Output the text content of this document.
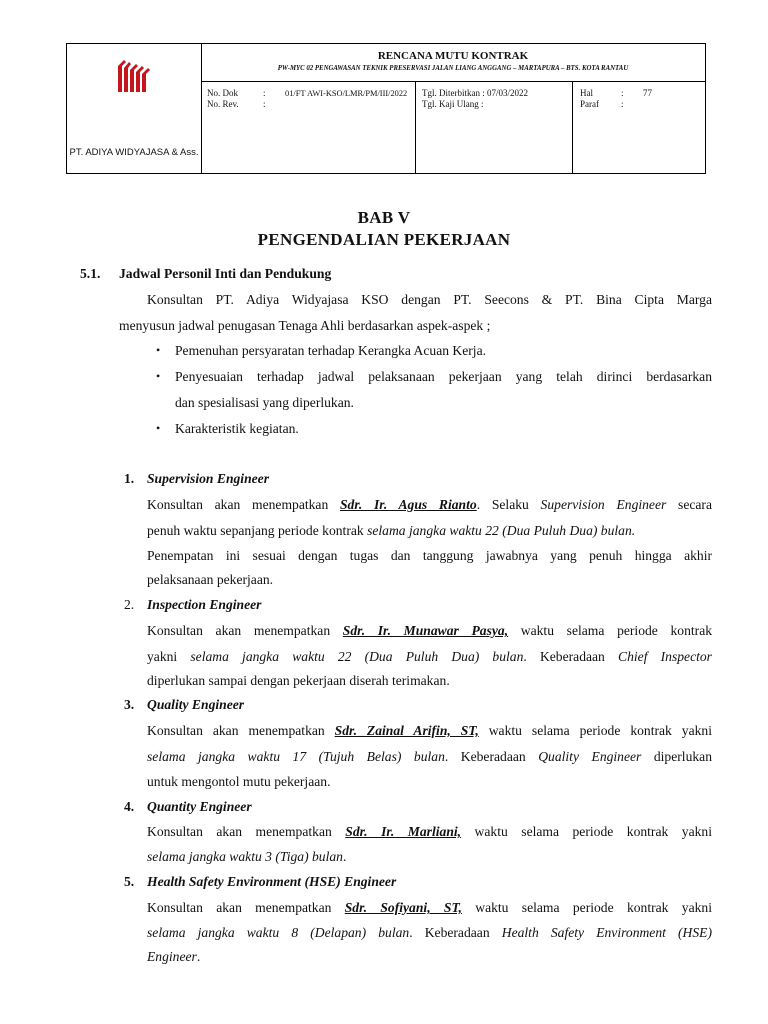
PT. ADIYA WIDYAJASA & Ass.
RENCANA MUTU KONTRAK
PW-MYC 02 PENGAWASAN TEKNIK PRESERVASI JALAN LIANG ANGGANG – MARTAPURA – BTS. KOTA RANTAU
No. Dok	: 01/FT AWI-KSO/LMR/PM/III/2022
No. Rev.	:
Tgl. Diterbitkan : 07/03/2022
Tgl. Kaji Ulang :
Hal	: 77
Paraf :
BAB V
PENGENDALIAN PEKERJAAN
5.1. Jadwal Personil Inti dan Pendukung
Konsultan PT. Adiya Widyajasa KSO dengan PT. Seecons & PT. Bina Cipta Marga
menyusun jadwal penugasan Tenaga Ahli berdasarkan aspek-aspek ;
• Pemenuhan persyaratan terhadap Kerangka Acuan Kerja.
• Penyesuaian terhadap jadwal pelaksanaan pekerjaan yang telah dirinci berdasarkan
dan spesialisasi yang diperlukan.
• Karakteristik kegiatan.
1. Supervision Engineer
Konsultan akan menempatkan Sdr. Ir. Agus Rianto. Selaku Supervision Engineer secara
penuh waktu sepanjang periode kontrak selama jangka waktu 22 (Dua Puluh Dua) bulan.
Penempatan ini sesuai dengan tugas dan tanggung jawabnya yang penuh hingga akhir
pelaksanaan pekerjaan.
2. Inspection Engineer
Konsultan akan menempatkan Sdr. Ir. Munawar Pasya, waktu selama periode kontrak
yakni selama jangka waktu 22 (Dua Puluh Dua) bulan. Keberadaan Chief Inspector
diperlukan sampai dengan pekerjaan diserah terimakan.
3. Quality Engineer
Konsultan akan menempatkan Sdr. Zainal Arifin, ST, waktu selama periode kontrak yakni
selama jangka waktu 17 (Tujuh Belas) bulan. Keberadaan Quality Engineer diperlukan
untuk mengontol mutu pekerjaan.
4. Quantity Engineer
Konsultan akan menempatkan Sdr. Ir. Marliani, waktu selama periode kontrak yakni
selama jangka waktu 3 (Tiga) bulan.
5. Health Safety Environment (HSE) Engineer
Konsultan akan menempatkan Sdr. Sofiyani, ST, waktu selama periode kontrak yakni
selama jangka waktu 8 (Delapan) bulan. Keberadaan Health Safety Environment (HSE)
Engineer.
